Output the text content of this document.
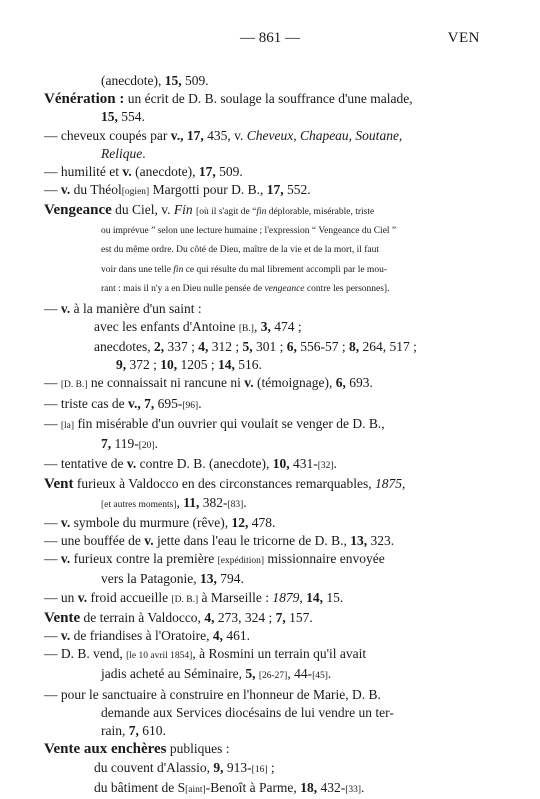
— 861 —	VEN
(anecdote), 15, 509.
Vénération : un écrit de D. B. soulage la souffrance d'une malade,
15, 554.
— cheveux coupés par v., 17, 435, v. Cheveux, Chapeau, Soutane,
Relique.
— humilité et v. (anecdote), 17, 509.
— v. du Théol[ogien] Margotti pour D. B., 17, 552.
Vengeance du Ciel, v. Fin [où il s'agit de “fin déplorable, misérable, triste
ou imprévue ” selon une lecture humaine ; l'expression “ Vengeance du Ciel ”
est du même ordre. Du côté de Dieu, maître de la vie et de la mort, il faut
voir dans une telle fin ce qui résulte du mal librement accompli par le mou-
rant : mais il n'y a en Dieu nulle pensée de vengeance contre les personnes].
— v. à la manière d'un saint :
avec les enfants d'Antoine [B.], 3, 474 ;
anecdotes, 2, 337 ; 4, 312 ; 5, 301 ; 6, 556-57 ; 8, 264, 517 ;
9, 372 ; 10, 1205 ; 14, 516.
— [D. B.] ne connaissait ni rancune ni v. (témoignage), 6, 693.
— triste cas de v., 7, 695-[96].
— [la] fin misérable d'un ouvrier qui voulait se venger de D. B.,
7, 119-[20].
— tentative de v. contre D. B. (anecdote), 10, 431-[32].
Vent furieux à Valdocco en des circonstances remarquables, 1875,
[et autres moments], 11, 382-[83].
— v. symbole du murmure (rêve), 12, 478.
— une bouffée de v. jette dans l'eau le tricorne de D. B., 13, 323.
— v. furieux contre la première [expédition] missionnaire envoyée
vers la Patagonie, 13, 794.
— un v. froid accueille [D. B.] à Marseille : 1879, 14, 15.
Vente de terrain à Valdocco, 4, 273, 324 ; 7, 157.
— v. de friandises à l'Oratoire, 4, 461.
— D. B. vend, [le 10 avril 1854], à Rosmini un terrain qu'il avait
jadis acheté au Séminaire, 5, [26-27], 44-[45].
— pour le sanctuaire à construire en l'honneur de Marie, D. B.
demande aux Services diocésains de lui vendre un ter-
rain, 7, 610.
Vente aux enchères publiques :
du couvent d'Alassio, 9, 913-[16] ;
du bâtiment de S[aint]-Benoît à Parme, 18, 432-[33].
